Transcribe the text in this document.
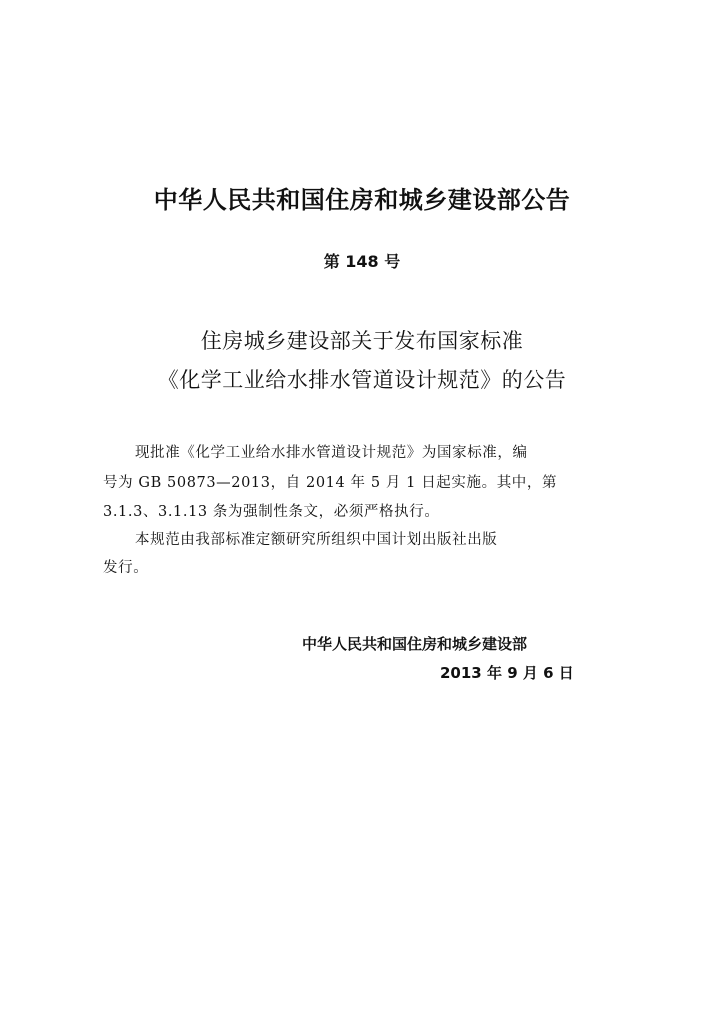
中华人民共和国住房和城乡建设部公告
第 148 号
住房城乡建设部关于发布国家标准
《化学工业给水排水管道设计规范》的公告
现批准《化学工业给水排水管道设计规范》为国家标准，编
号为 GB 50873—2013，自 2014 年 5 月 1 日起实施。其中，第
3.1.3、3.1.13 条为强制性条文，必须严格执行。
本规范由我部标准定额研究所组织中国计划出版社出版
发行。
中华人民共和国住房和城乡建设部
2013 年 9 月 6 日
